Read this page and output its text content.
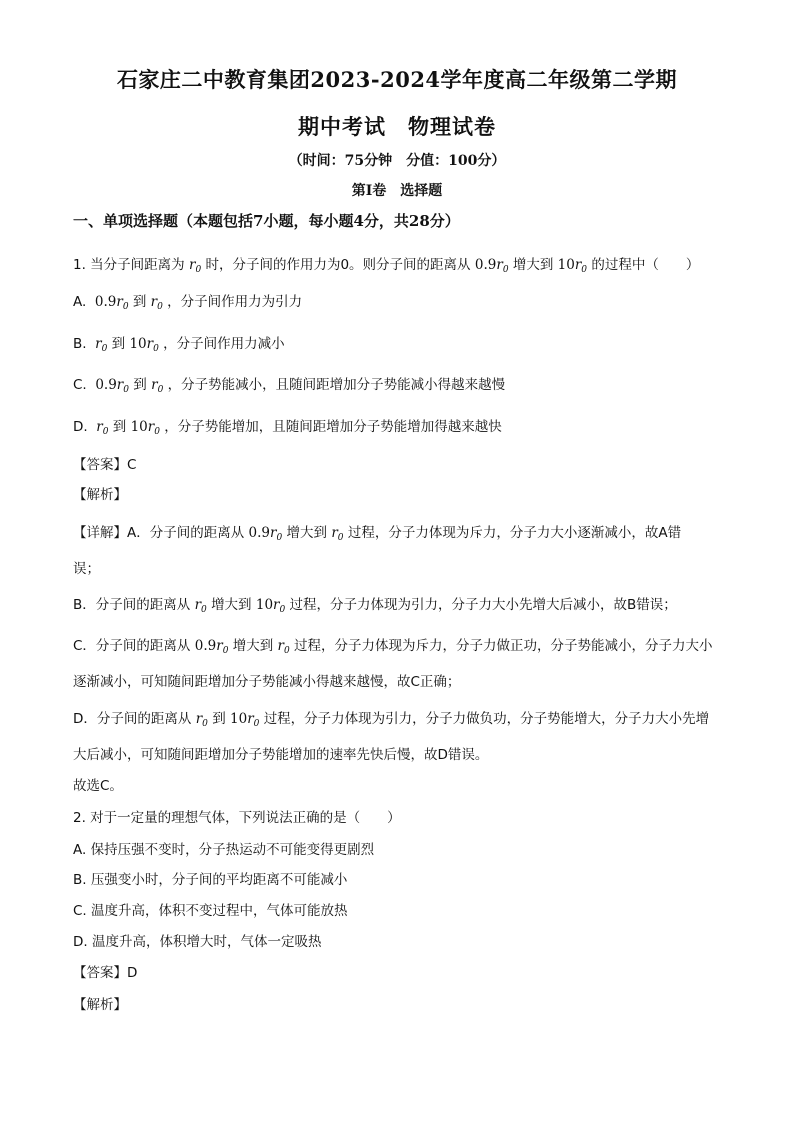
石家庄二中教育集团2023-2024学年度高二年级第二学期
期中考试　物理试卷
（时间：75分钟　分值：100分）
第Ⅰ卷　选择题
一、单项选择题（本题包括7小题，每小题4分，共28分）
1. 当分子间距离为 $r_0$ 时，分子间的作用力为0。则分子间的距离从 $0.9r_0$ 增大到 $10r_0$ 的过程中（　　）
A. $0.9r_0$ 到 $r_0$ ，分子间作用力为引力
B. $r_0$ 到 $10r_0$ ，分子间作用力减小
C. $0.9r_0$ 到 $r_0$ ，分子势能减小，且随间距增加分子势能减小得越来越慢
D. $r_0$ 到 $10r_0$ ，分子势能增加，且随间距增加分子势能增加得越来越快
【答案】C
【解析】
【详解】A．分子间的距离从 $0.9r_0$ 增大到 $r_0$ 过程，分子力体现为斥力，分子力大小逐渐减小，故A错
误；
B．分子间的距离从 $r_0$ 增大到 $10r_0$ 过程，分子力体现为引力，分子力大小先增大后减小，故B错误；
C．分子间的距离从 $0.9r_0$ 增大到 $r_0$ 过程，分子力体现为斥力，分子力做正功，分子势能减小，分子力大小
逐渐减小，可知随间距增加分子势能减小得越来越慢，故C正确；
D．分子间的距离从 $r_0$ 到 $10r_0$ 过程，分子力体现为引力，分子力做负功，分子势能增大，分子力大小先增
大后减小，可知随间距增加分子势能增加的速率先快后慢，故D错误。
故选C。
2. 对于一定量的理想气体，下列说法正确的是（　　）
A. 保持压强不变时，分子热运动不可能变得更剧烈
B. 压强变小时，分子间的平均距离不可能减小
C. 温度升高，体积不变过程中，气体可能放热
D. 温度升高，体积增大时，气体一定吸热
【答案】D
【解析】
